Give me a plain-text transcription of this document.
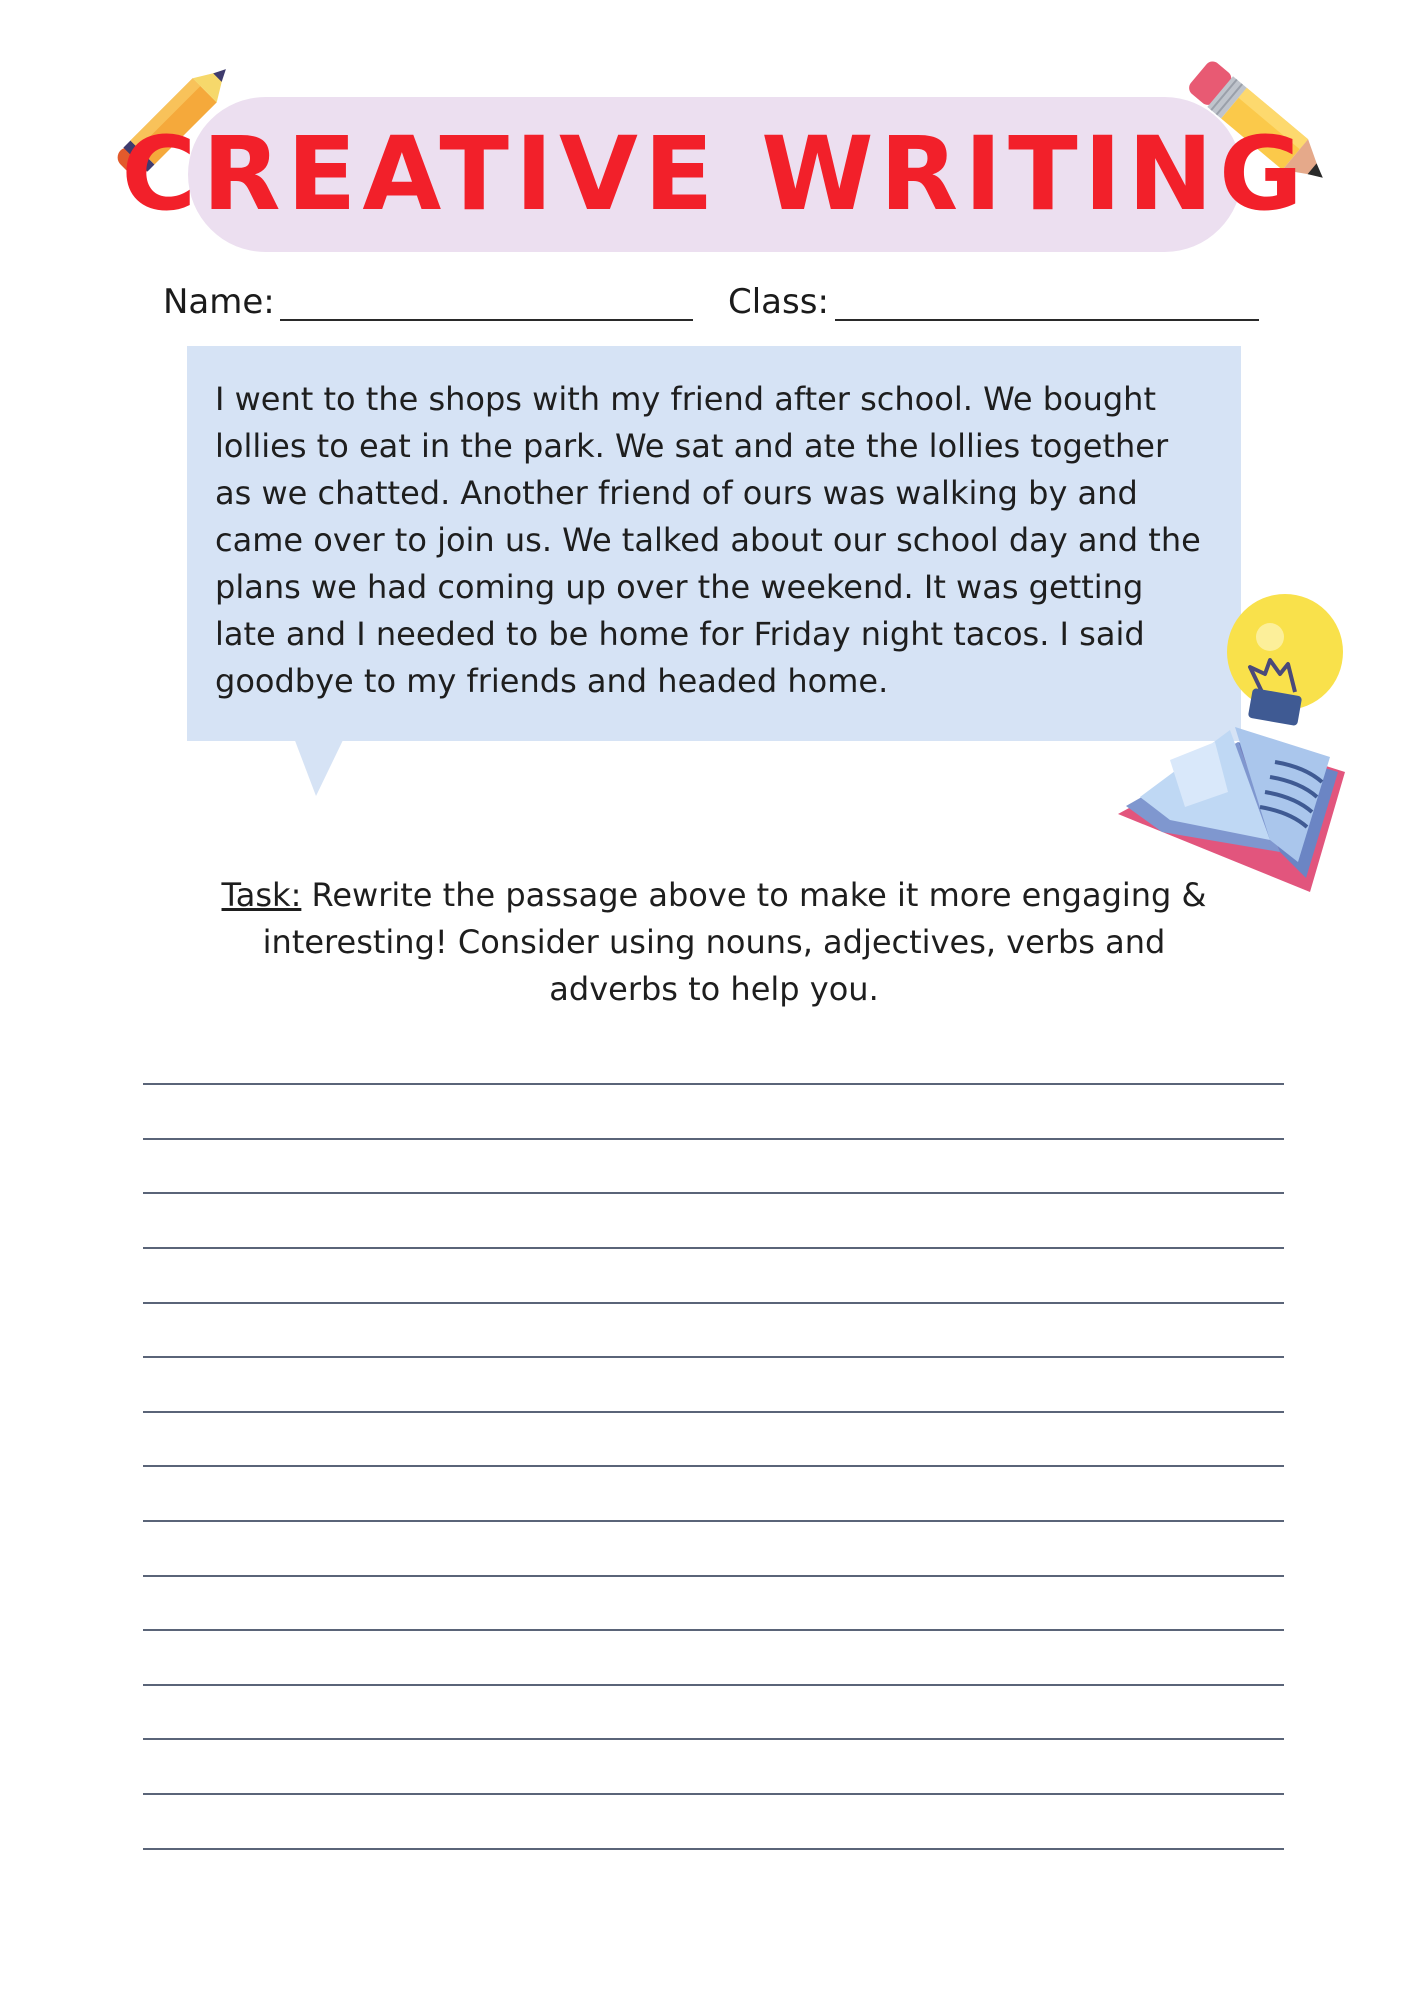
CREATIVE WRITING
Name:	Class:

I went to the shops with my friend after school. We bought lollies to eat in the park. We sat and ate the lollies together as we chatted. Another friend of ours was walking by and came over to join us. We talked about our school day and the plans we had coming up over the weekend. It was getting late and I needed to be home for Friday night tacos. I said goodbye to my friends and headed home.

Task: Rewrite the passage above to make it more engaging & interesting! Consider using nouns, adjectives, verbs and adverbs to help you.
